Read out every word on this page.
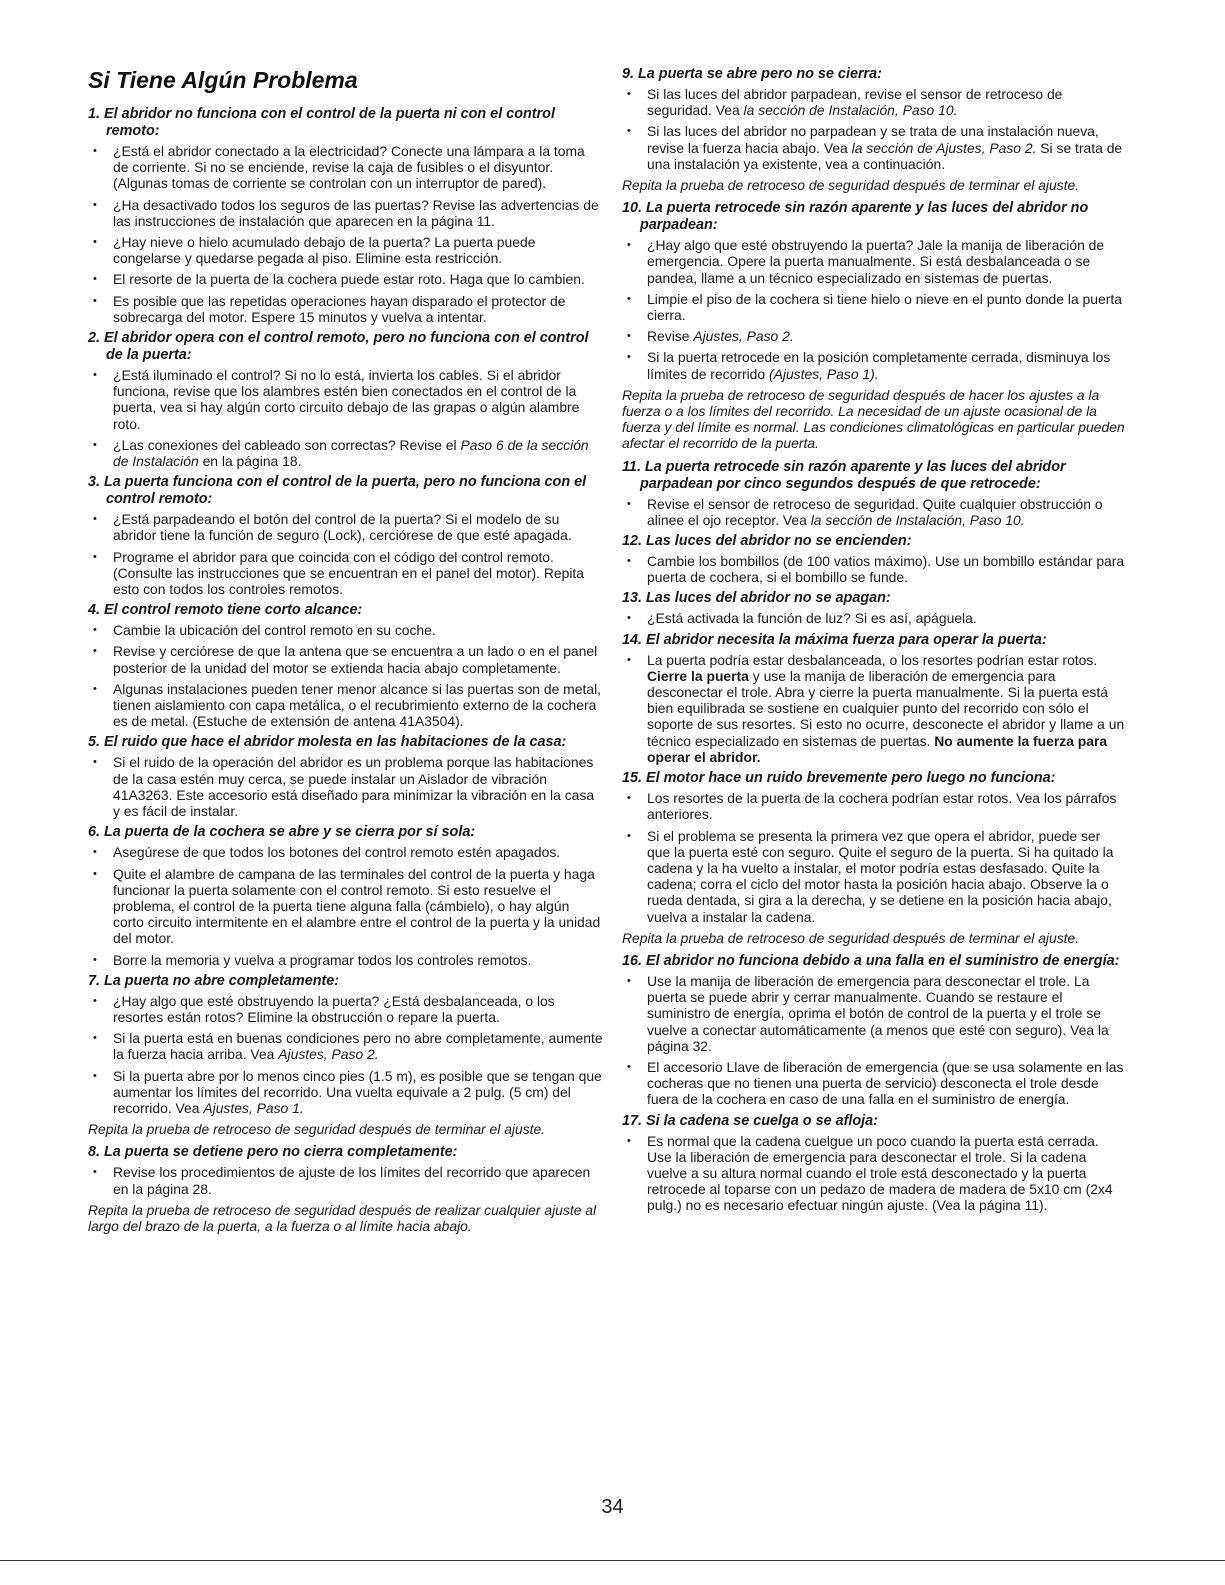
Si Tiene Algún Problema
1. El abridor no funciona con el control de la puerta ni con el control remoto:
• ¿Está el abridor conectado a la electricidad? Conecte una lámpara a la toma de corriente. Si no se enciende, revise la caja de fusibles o el disyuntor. (Algunas tomas de corriente se controlan con un interruptor de pared).
• ¿Ha desactivado todos los seguros de las puertas? Revise las advertencias de las instrucciones de instalación que aparecen en la página 11.
• ¿Hay nieve o hielo acumulado debajo de la puerta? La puerta puede congelarse y quedarse pegada al piso. Elimine esta restricción.
• El resorte de la puerta de la cochera puede estar roto. Haga que lo cambien.
• Es posible que las repetidas operaciones hayan disparado el protector de sobrecarga del motor. Espere 15 minutos y vuelva a intentar.
2. El abridor opera con el control remoto, pero no funciona con el control de la puerta:
• ¿Está iluminado el control? Si no lo está, invierta los cables. Si el abridor funciona, revise que los alambres estén bien conectados en el control de la puerta, vea si hay algún corto circuito debajo de las grapas o algún alambre roto.
• ¿Las conexiones del cableado son correctas? Revise el Paso 6 de la sección de Instalación en la página 18.
3. La puerta funciona con el control de la puerta, pero no funciona con el control remoto:
• ¿Está parpadeando el botón del control de la puerta? Si el modelo de su abridor tiene la función de seguro (Lock), cerciórese de que esté apagada.
• Programe el abridor para que coincida con el código del control remoto. (Consulte las instrucciones que se encuentran en el panel del motor). Repita esto con todos los controles remotos.
4. El control remoto tiene corto alcance:
• Cambie la ubicación del control remoto en su coche.
• Revise y cerciórese de que la antena que se encuentra a un lado o en el panel posterior de la unidad del motor se extienda hacia abajo completamente.
• Algunas instalaciones pueden tener menor alcance si las puertas son de metal, tienen aislamiento con capa metálica, o el recubrimiento externo de la cochera es de metal. (Estuche de extensión de antena 41A3504).
5. El ruido que hace el abridor molesta en las habitaciones de la casa:
• Si el ruido de la operación del abridor es un problema porque las habitaciones de la casa estén muy cerca, se puede instalar un Aislador de vibración 41A3263. Este accesorio está diseñado para minimizar la vibración en la casa y es fácil de instalar.
6. La puerta de la cochera se abre y se cierra por sí sola:
• Asegúrese de que todos los botones del control remoto estén apagados.
• Quite el alambre de campana de las terminales del control de la puerta y haga funcionar la puerta solamente con el control remoto. Si esto resuelve el problema, el control de la puerta tiene alguna falla (cámbielo), o hay algún corto circuito intermitente en el alambre entre el control de la puerta y la unidad del motor.
• Borre la memoria y vuelva a programar todos los controles remotos.
7. La puerta no abre completamente:
• ¿Hay algo que esté obstruyendo la puerta? ¿Está desbalanceada, o los resortes están rotos? Elimine la obstrucción o repare la puerta.
• Si la puerta está en buenas condiciones pero no abre completamente, aumente la fuerza hacia arriba. Vea Ajustes, Paso 2.
• Si la puerta abre por lo menos cinco pies (1.5 m), es posible que se tengan que aumentar los límites del recorrido. Una vuelta equivale a 2 pulg. (5 cm) del recorrido. Vea Ajustes, Paso 1.

Repita la prueba de retroceso de seguridad después de terminar el ajuste.

8. La puerta se detiene pero no cierra completamente:
• Revise los procedimientos de ajuste de los límites del recorrido que aparecen en la página 28.

Repita la prueba de retroceso de seguridad después de realizar cualquier ajuste al largo del brazo de la puerta, a la fuerza o al límite hacia abajo.

9. La puerta se abre pero no se cierra:
• Si las luces del abridor parpadean, revise el sensor de retroceso de seguridad. Vea la sección de Instalación, Paso 10.
• Si las luces del abridor no parpadean y se trata de una instalación nueva, revise la fuerza hacia abajo. Vea la sección de Ajustes, Paso 2. Si se trata de una instalación ya existente, vea a continuación.

Repita la prueba de retroceso de seguridad después de terminar el ajuste.

10. La puerta retrocede sin razón aparente y las luces del abridor no parpadean:
• ¿Hay algo que esté obstruyendo la puerta? Jale la manija de liberación de emergencia. Opere la puerta manualmente. Si está desbalanceada o se pandea, llame a un técnico especializado en sistemas de puertas.
• Limpie el piso de la cochera si tiene hielo o nieve en el punto donde la puerta cierra.
• Revise Ajustes, Paso 2.
• Si la puerta retrocede en la posición completamente cerrada, disminuya los límites de recorrido (Ajustes, Paso 1).

Repita la prueba de retroceso de seguridad después de hacer los ajustes a la fuerza o a los límites del recorrido. La necesidad de un ajuste ocasional de la fuerza y del límite es normal. Las condiciones climatológicas en particular pueden afectar el recorrido de la puerta.

11. La puerta retrocede sin razón aparente y las luces del abridor parpadean por cinco segundos después de que retrocede:
• Revise el sensor de retroceso de seguridad. Quite cualquier obstrucción o alinee el ojo receptor. Vea la sección de Instalación, Paso 10.
12. Las luces del abridor no se encienden:
• Cambie los bombillos (de 100 vatios máximo). Use un bombillo estándar para puerta de cochera, si el bombillo se funde.
13. Las luces del abridor no se apagan:
• ¿Está activada la función de luz? Si es así, apáguela.
14. El abridor necesita la máxima fuerza para operar la puerta:
• La puerta podría estar desbalanceada, o los resortes podrían estar rotos. Cierre la puerta y use la manija de liberación de emergencia para desconectar el trole. Abra y cierre la puerta manualmente. Si la puerta está bien equilibrada se sostiene en cualquier punto del recorrido con sólo el soporte de sus resortes. Si esto no ocurre, desconecte el abridor y llame a un técnico especializado en sistemas de puertas. No aumente la fuerza para operar el abridor.
15. El motor hace un ruido brevemente pero luego no funciona:
• Los resortes de la puerta de la cochera podrían estar rotos. Vea los párrafos anteriores.
• Si el problema se presenta la primera vez que opera el abridor, puede ser que la puerta esté con seguro. Quite el seguro de la puerta. Si ha quitado la cadena y la ha vuelto a instalar, el motor podría estas desfasado. Quite la cadena; corra el ciclo del motor hasta la posición hacia abajo. Observe la o rueda dentada, si gira a la derecha, y se detiene en la posición hacia abajo, vuelva a instalar la cadena.

Repita la prueba de retroceso de seguridad después de terminar el ajuste.

16. El abridor no funciona debido a una falla en el suministro de energía:
• Use la manija de liberación de emergencia para desconectar el trole. La puerta se puede abrir y cerrar manualmente. Cuando se restaure el suministro de energía, oprima el botón de control de la puerta y el trole se vuelve a conectar automáticamente (a menos que esté con seguro). Vea la página 32.
• El accesorio Llave de liberación de emergencia (que se usa solamente en las cocheras que no tienen una puerta de servicio) desconecta el trole desde fuera de la cochera en caso de una falla en el suministro de energía.
17. Si la cadena se cuelga o se afloja:
• Es normal que la cadena cuelgue un poco cuando la puerta está cerrada. Use la liberación de emergencia para desconectar el trole. Si la cadena vuelve a su altura normal cuando el trole está desconectado y la puerta retrocede al toparse con un pedazo de madera de madera de 5x10 cm (2x4 pulg.) no es necesario efectuar ningún ajuste. (Vea la página 11).
34
